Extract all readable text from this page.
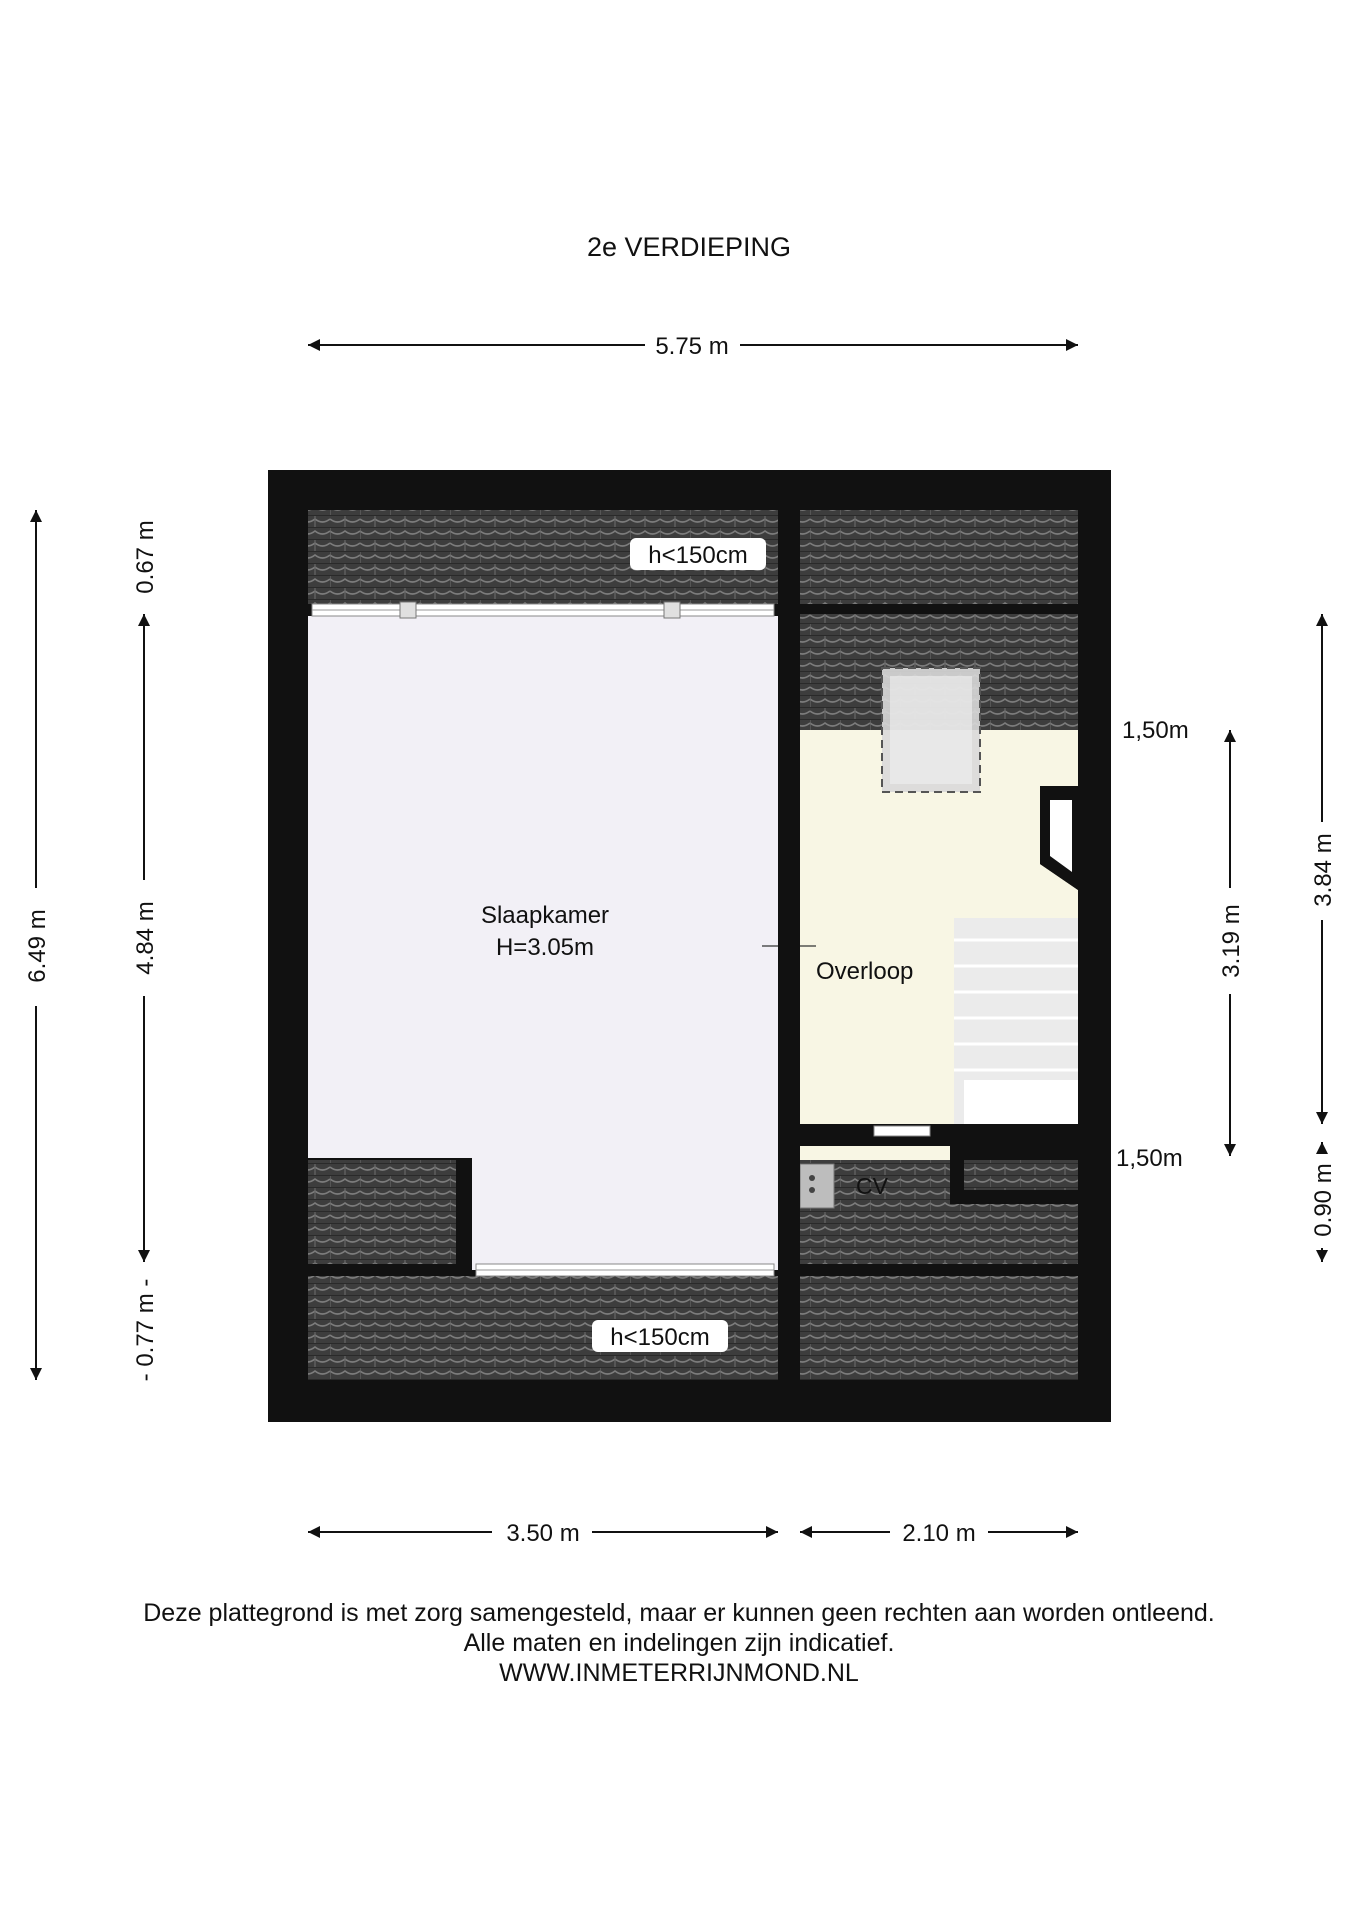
2e VERDIEPING
5.75 m
CV
Slaapkamer
H=3.05m
Overloop
h<150cm
h<150cm
3.50 m	2.10 m
6.49 m
0.67 m
4.84 m
- 0.77 m -
3.84 m
0.90 m
3.19 m
1,50m
1,50m
Deze plattegrond is met zorg samengesteld, maar er kunnen geen rechten aan worden ontleend.
Alle maten en indelingen zijn indicatief.
WWW.INMETERRIJNMOND.NL
